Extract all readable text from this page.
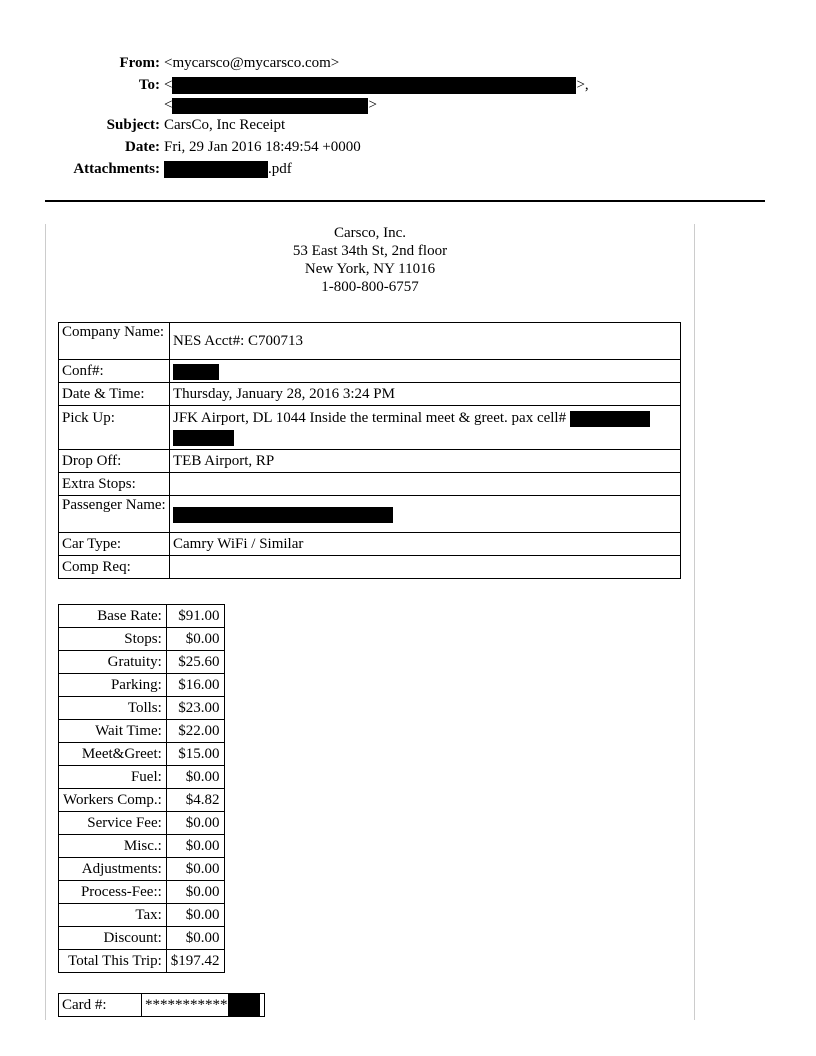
From: <mycarsco@mycarsco.com>
To: <	>,
<	>
Subject: CarsCo, Inc Receipt
Date: Fri, 29 Jan 2016 18:49:54 +0000
Attachments:	.pdf
Carsco, Inc.
53 East 34th St, 2nd floor
New York, NY 11016
1-800-800-6757
Company Name:	NES Acct#: C700713
Conf#:	
Date & Time:	Thursday, January 28, 2016 3:24 PM
Pick Up:	JFK Airport, DL 1044 Inside the terminal meet & greet. pax cell#

Drop Off:	TEB Airport, RP
Extra Stops:	
Passenger Name:	
Car Type:	Camry WiFi / Similar
Comp Req:	
Base Rate:	$91.00
Stops:	$0.00
Gratuity:	$25.60
Parking:	$16.00
Tolls:	$23.00
Wait Time:	$22.00
Meet&Greet:	$15.00
Fuel:	$0.00
Workers Comp.:	$4.82
Service Fee:	$0.00
Misc.:	$0.00
Adjustments:	$0.00
Process-Fee::	$0.00
Tax:	$0.00
Discount:	$0.00
Total This Trip:	$197.42
Card #:	***********
